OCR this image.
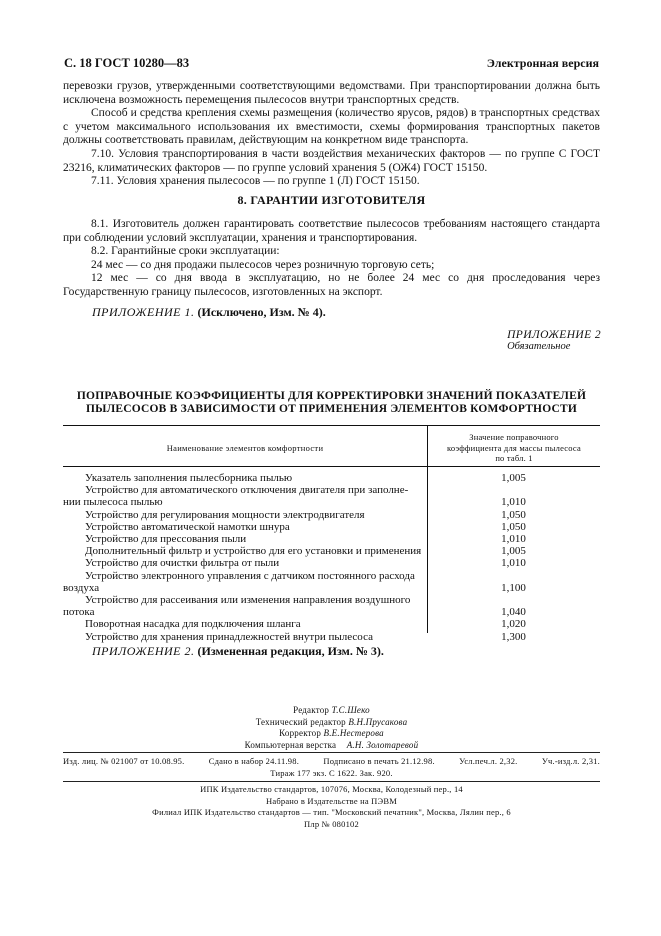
С. 18 ГОСТ 10280—83	Электронная версия

перевозки грузов, утвержденными соответствующими ведомствами. При транспортировании должна быть исключена возможность перемещения пылесосов внутри транспортных средств.

Способ и средства крепления схемы размещения (количество ярусов, рядов) в транспортных средствах с учетом максимального использования их вместимости, схемы формирования транспортных пакетов должны соответствовать правилам, действующим на конкретном виде транспорта.

7.10. Условия транспортирования в части воздействия механических факторов — по группе С ГОСТ 23216, климатических факторов — по группе условий хранения 5 (ОЖ4) ГОСТ 15150.

7.11. Условия хранения пылесосов — по группе 1 (Л) ГОСТ 15150.

8. ГАРАНТИИ ИЗГОТОВИТЕЛЯ

8.1. Изготовитель должен гарантировать соответствие пылесосов требованиям настоящего стандарта при соблюдении условий эксплуатации, хранения и транспортирования.

8.2. Гарантийные сроки эксплуатации:

24 мес — со дня продажи пылесосов через розничную торговую сеть;

12 мес — со дня ввода в эксплуатацию, но не более 24 мес со дня проследования через Государственную границу пылесосов, изготовленных на экспорт.

ПРИЛОЖЕНИЕ 1. (Исключено, Изм. № 4).
ПРИЛОЖЕНИЕ 2
Обязательное
ПОПРАВОЧНЫЕ КОЭФФИЦИЕНТЫ ДЛЯ КОРРЕКТИРОВКИ ЗНАЧЕНИЙ ПОКАЗАТЕЛЕЙ
ПЫЛЕСОСОВ В ЗАВИСИМОСТИ ОТ ПРИМЕНЕНИЯ ЭЛЕМЕНТОВ КОМФОРТНОСТИ
Наименование элементов комфортности
Значение поправочного
коэффициента для массы пылесоса
по табл. 1
Указатель заполнения пылесборника пылью	1,005
Устройство для автоматического отключения двигателя при заполне-
нии пылесоса пылью	1,010
Устройство для регулирования мощности электродвигателя	1,050
Устройство автоматической намотки шнура	1,050
Устройство для прессования пыли	1,010
Дополнительный фильтр и устройство для его установки и применения	1,005
Устройство для очистки фильтра от пыли	1,010
Устройство электронного управления с датчиком постоянного расхода
воздуха	1,100
Устройство для рассеивания или изменения направления воздушного
потока	1,040
Поворотная насадка для подключения шланга	1,020
Устройство для хранения принадлежностей внутри пылесоса	1,300
ПРИЛОЖЕНИЕ 2. (Измененная редакция, Изм. № 3).
Редактор Т.С.Шеко
Технический редактор В.Н.Прусакова
Корректор В.Е.Нестерова
Компьютерная верстка А.Н. Золотаревой
Изд. лиц. № 021007 от 10.08.95.	Сдано в набор 24.11.98.	Подписано в печать 21.12.98.	Усл.печ.л. 2,32.	Уч.-изд.л. 2,31.
Тираж 177 экз. С 1622. Зак. 920.
ИПК Издательство стандартов, 107076, Москва, Колодезный пер., 14
Набрано в Издательстве на ПЭВМ
Филиал ИПК Издательство стандартов — тип. "Московский печатник", Москва, Лялин пер., 6
Плр № 080102
